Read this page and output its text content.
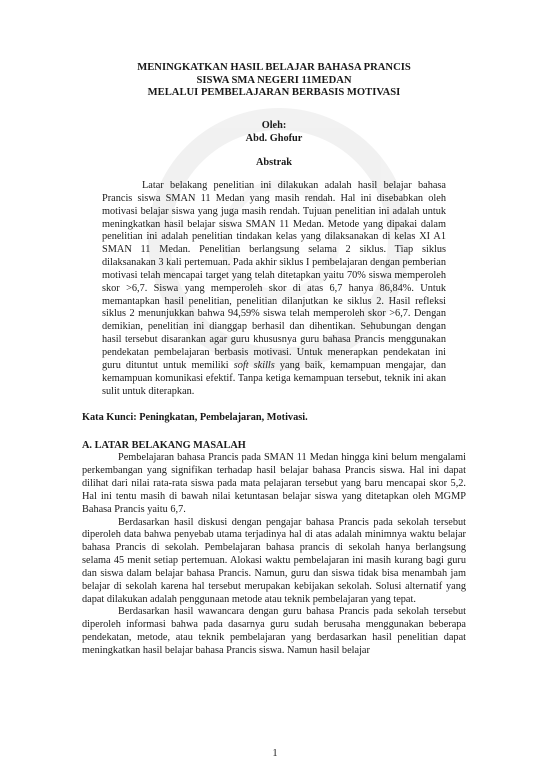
MENINGKATKAN HASIL BELAJAR BAHASA PRANCIS
SISWA SMA NEGERI 11MEDAN
MELALUI PEMBELAJARAN BERBASIS MOTIVASI
Oleh:
Abd. Ghofur
Abstrak
Latar belakang penelitian ini dilakukan adalah hasil belajar bahasa Prancis siswa SMAN 11 Medan yang masih rendah. Hal ini disebabkan oleh motivasi belajar siswa yang juga masih rendah. Tujuan penelitian ini adalah untuk meningkatkan hasil belajar siswa SMAN 11 Medan. Metode yang dipakai dalam penelitian ini adalah penelitian tindakan kelas yang dilaksanakan di kelas XI A1 SMAN 11 Medan. Penelitian berlangsung selama 2 siklus. Tiap siklus dilaksanakan 3 kali pertemuan. Pada akhir siklus I pembelajaran dengan pemberian motivasi telah mencapai target yang telah ditetapkan yaitu 70% siswa memperoleh skor >6,7. Siswa yang memperoleh skor di atas 6,7 hanya 86,84%. Untuk memantapkan hasil penelitian, penelitian dilanjutkan ke siklus 2. Hasil refleksi siklus 2 menunjukkan bahwa 94,59% siswa telah memperoleh skor >6,7. Dengan demikian, penelitian ini dianggap berhasil dan dihentikan. Sehubungan dengan hasil tersebut disarankan agar guru khususnya guru bahasa Prancis menggunakan pendekatan pembelajaran berbasis motivasi. Untuk menerapkan pendekatan ini guru dituntut untuk memiliki soft skills yang baik, kemampuan mengajar, dan kemampuan komunikasi efektif. Tanpa ketiga kemampuan tersebut, teknik ini akan sulit untuk diterapkan.
Kata Kunci: Peningkatan, Pembelajaran, Motivasi.
A. LATAR BELAKANG MASALAH
Pembelajaran bahasa Prancis pada SMAN 11 Medan hingga kini belum mengalami perkembangan yang signifikan terhadap hasil belajar bahasa Prancis siswa. Hal ini dapat dilihat dari nilai rata-rata siswa pada mata pelajaran tersebut yang baru mencapai skor 5,2. Hal ini tentu masih di bawah nilai ketuntasan belajar siswa yang ditetapkan oleh MGMP Bahasa Prancis yaitu 6,7.
Berdasarkan hasil diskusi dengan pengajar bahasa Prancis pada sekolah tersebut diperoleh data bahwa penyebab utama terjadinya hal di atas adalah minimnya waktu belajar bahasa Prancis di sekolah. Pembelajaran bahasa prancis di sekolah hanya berlangsung selama 45 menit setiap pertemuan. Alokasi waktu pembelajaran ini masih kurang bagi guru dan siswa dalam belajar bahasa Prancis. Namun, guru dan siswa tidak bisa menambah jam belajar di sekolah karena hal tersebut merupakan kebijakan sekolah. Solusi alternatif yang dapat dilakukan adalah penggunaan metode atau teknik pembelajaran yang tepat.
Berdasarkan hasil wawancara dengan guru bahasa Prancis pada sekolah tersebut diperoleh informasi bahwa pada dasarnya guru sudah berusaha menggunakan beberapa pendekatan, metode, atau teknik pembelajaran yang berdasarkan hasil penelitian dapat meningkatkan hasil belajar bahasa Prancis siswa. Namun hasil belajar
1
